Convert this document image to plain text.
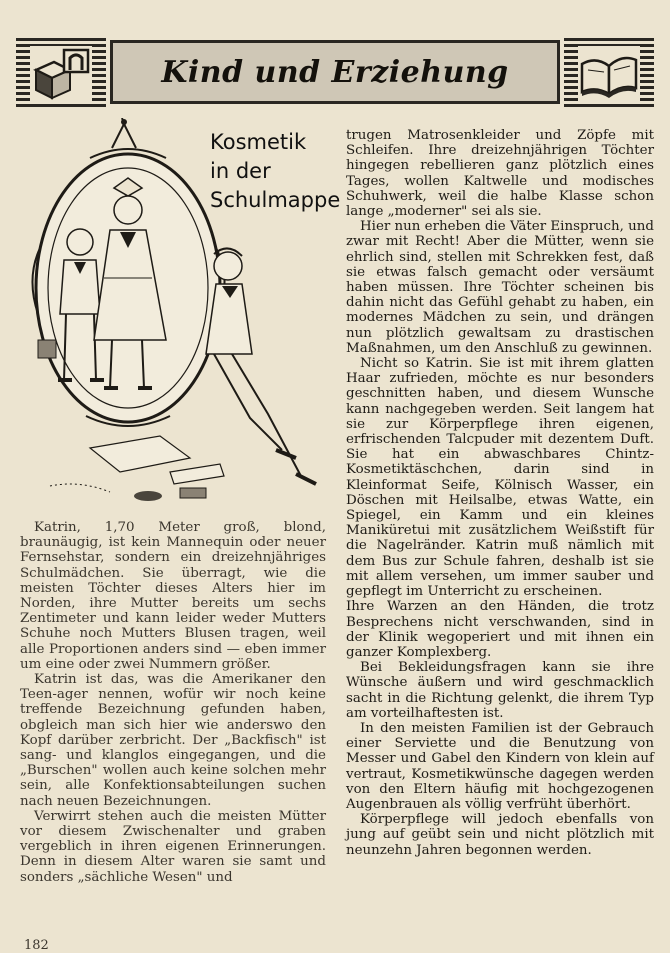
Kind und Erziehung
Kosmetik
in der
Schulmappe

Katrin, 1,70 Meter groß, blond, braunäugig, ist kein Mannequin oder neuer Fernsehstar, sondern ein dreizehnjähriges Schulmädchen. Sie überragt, wie die meisten Töchter dieses Alters hier im Norden, ihre Mutter bereits um sechs Zentimeter und kann leider weder Mutters Schuhe noch Mutters Blusen tragen, weil alle Proportionen anders sind — eben immer um eine oder zwei Nummern größer.

Katrin ist das, was die Amerikaner den Teen-ager nennen, wofür wir noch keine treffende Bezeichnung gefunden haben, obgleich man sich hier wie anderswo den Kopf darüber zerbricht. Der „Backfisch" ist sang- und klanglos eingegangen, und die „Burschen" wollen auch keine solchen mehr sein, alle Konfektionsabteilungen suchen nach neuen Bezeichnungen.

Verwirrt stehen auch die meisten Mütter vor diesem Zwischenalter und graben vergeblich in ihren eigenen Erinnerungen. Denn in diesem Alter waren sie samt und sonders „sächliche Wesen" und

trugen Matrosenkleider und Zöpfe mit Schleifen. Ihre dreizehnjährigen Töchter hingegen rebellieren ganz plötzlich eines Tages, wollen Kaltwelle und modisches Schuhwerk, weil die halbe Klasse schon lange „moderner" sei als sie.

Hier nun erheben die Väter Einspruch, und zwar mit Recht! Aber die Mütter, wenn sie ehrlich sind, stellen mit Schrekken fest, daß sie etwas falsch gemacht oder versäumt haben müssen. Ihre Töchter scheinen bis dahin nicht das Gefühl gehabt zu haben, ein modernes Mädchen zu sein, und drängen nun plötzlich gewaltsam zu drastischen Maßnahmen, um den Anschluß zu gewinnen.

Nicht so Katrin. Sie ist mit ihrem glatten Haar zufrieden, möchte es nur besonders geschnitten haben, und diesem Wunsche kann nachgegeben werden. Seit langem hat sie zur Körperpflege ihren eigenen, erfrischenden Talcpuder mit dezentem Duft. Sie hat ein abwaschbares Chintz-Kosmetiktäschchen, darin sind in Kleinformat Seife, Kölnisch Wasser, ein Döschen mit Heilsalbe, etwas Watte, ein Spiegel, ein Kamm und ein kleines Maniküretui mit zusätzlichem Weißstift für die Nagelränder. Katrin muß nämlich mit dem Bus zur Schule fahren, deshalb ist sie mit allem versehen, um immer sauber und gepflegt im Unterricht zu erscheinen.

Ihre Warzen an den Händen, die trotz Besprechens nicht verschwanden, sind in der Klinik wegoperiert und mit ihnen ein ganzer Komplexberg.

Bei Bekleidungsfragen kann sie ihre Wünsche äußern und wird geschmacklich sacht in die Richtung gelenkt, die ihrem Typ am vorteilhaftesten ist.

In den meisten Familien ist der Gebrauch einer Serviette und die Benutzung von Messer und Gabel den Kindern von klein auf vertraut, Kosmetikwünsche dagegen werden von den Eltern häufig mit hochgezogenen Augenbrauen als völlig verfrüht überhört.

Körperpflege will jedoch ebenfalls von jung auf geübt sein und nicht plötzlich mit neunzehn Jahren begonnen werden.

182
